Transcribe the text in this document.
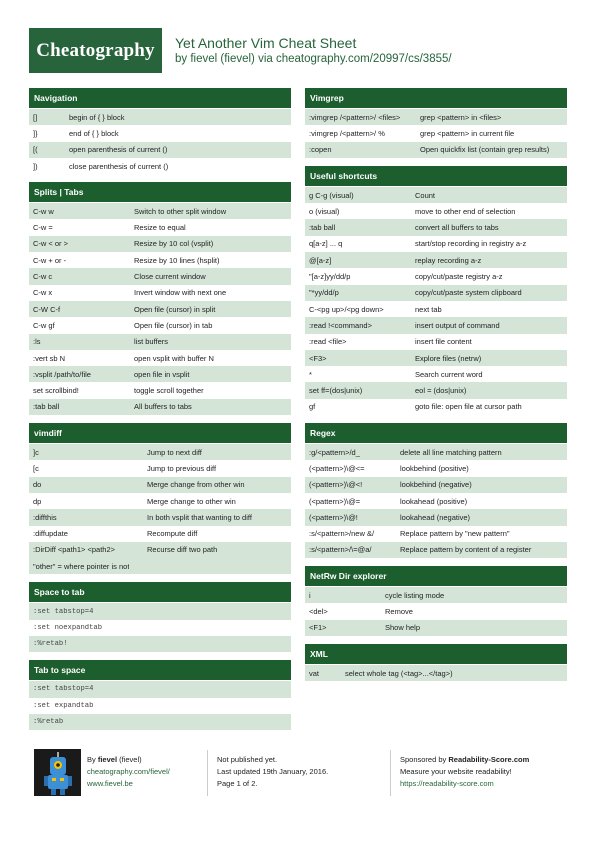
Cheatography	Yet Another Vim Cheat Sheet
by fievel (fievel) via cheatography.com/20997/cs/3855/
Navigation
[]	begin of { } block
]}	end of { } block
[(	open parenthesis of current ()
])	close parenthesis of current ()
Splits | Tabs
C-w w	Switch to other split window
C-w =	Resize to equal
C-w < or >	Resize by 10 col (vsplit)
C-w + or -	Resize by 10 lines (hsplit)
C-w c	Close current window
C-w x	Invert window with next one
C-W C-f	Open file (cursor) in split
C-w gf	Open file (cursor) in tab
:ls	list buffers
:vert sb N	open vsplit with buffer N
:vsplit /path/to/file	open file in vsplit
set scrollbind!	toggle scroll together
:tab ball	All buffers to tabs
vimdiff
]c	Jump to next diff
[c	Jump to previous diff
do	Merge change from other win
dp	Merge change to other win
:diffthis	In both vsplit that wanting to diff
:diffupdate	Recompute diff
:DirDiff <path1> <path2>	Recurse diff two path
"other" = where pointer is not
Space to tab
:set tabstop=4
:set noexpandtab
:%retab!
Tab to space
:set tabstop=4
:set expandtab
:%retab
Vimgrep
:vimgrep /<pattern>/ <files>	grep <pattern> in <files>
:vimgrep /<pattern>/ %	grep <pattern> in current file
:copen	Open quickfix list (contain grep results)
Useful shortcuts
g C-g (visual)	Count
o (visual)	move to other end of selection
:tab ball	convert all buffers to tabs
q[a-z] ... q	start/stop recording in registry a-z
@[a-z]	replay recording a-z
"[a-z]yy/dd/p	copy/cut/paste registry a-z
"*yy/dd/p	copy/cut/paste system clipboard
C-<pg up>/<pg down>	next tab
:read !<command>	insert output of command
:read <file>	insert file content
<F3>	Explore files (netrw)
*	Search current word
set ff=(dos|unix)	eol = (dos|unix)
gf	goto file: open file at cursor path
Regex
:g/<pattern>/d_	delete all line matching pattern
(<pattern>)\@<=	lookbehind (positive)
(<pattern>)\@<!	lookbehind (negative)
(<pattern>)\@=	lookahead (positive)
(<pattern>)\@!	lookahead (negative)
:s/<pattern>/new &/	Replace pattern by "new pattern"
:s/<pattern>/\=@a/	Replace pattern by content of a register
NetRw Dir explorer
i	cycle listing mode
<del>	Remove
<F1>	Show help
XML
vat	select whole tag (<tag>...</tag>)
By fievel (fievel)
cheatography.com/fievel/
www.fievel.be
Not published yet.
Last updated 19th January, 2016.
Page 1 of 2.
Sponsored by Readability-Score.com
Measure your website readability!
https://readability-score.com
